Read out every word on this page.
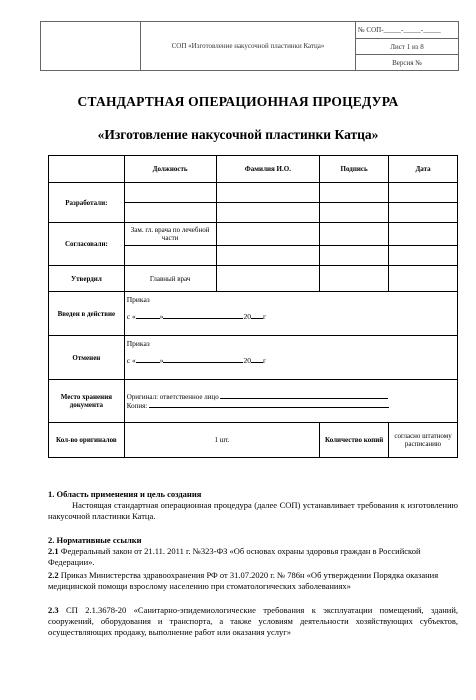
	СОП «Изготовление накусочной пластинки Катца»	№ СОП-_____-_____-_____
Лист 1 из 8
Версия №
СТАНДАРТНАЯ ОПЕРАЦИОННАЯ ПРОЦЕДУРА
«Изготовление накусочной пластинки Катца»
	Должность	Фамилия И.О.	Подпись	Дата
Разработали:				

Согласовали:	Зам. гл. врача по лечебной части			

Утвердил	Главный врач			
Введен в действие	Приказ
с « » 20 г			

Отменен	Приказ
с « » 20 г			

Место хранения документа	Оригинал: ответственное лицо
Копия:			

Кол-во оригиналов	1 шт.		Количество копий	согласно штатному расписанию
1. Область применения и цель создания
Настоящая стандартная операционная процедура (далее СОП) устанавливает требования к изготовлению накусочной пластинки Катца.
2. Нормативные ссылки
2.1 Федеральный закон от 21.11. 2011 г. №323-ФЗ «Об основах охраны здоровья граждан в Российской Федерации».
2.2 Приказ Министерства здравоохранения РФ от 31.07.2020 г. № 786н «Об утверждении Порядка оказания медицинской помощи взрослому населению при стоматологических заболеваниях»
2.3 СП 2.1.3678-20 «Санитарно-эпидемиологические требования к эксплуатации помещений, зданий, сооружений, оборудования и транспорта, а также условиям деятельности хозяйствующих субъектов, осуществляющих продажу, выполнение работ или оказания услуг»
